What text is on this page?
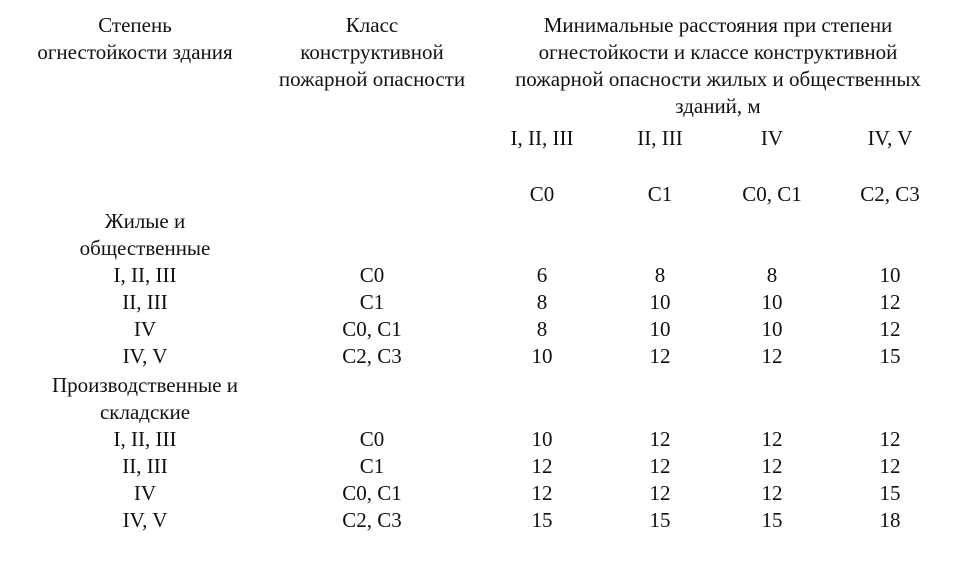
Степень
огнестойкости здания
Класс
конструктивной
пожарной опасности
Минимальные расстояния при степени
огнестойкости и классе конструктивной
пожарной опасности жилых и общественных
зданий, м
I, II, III	II, III	IV	IV, V
С0	С1	С0, С1	С2, С3
Жилые и
общественные
I, II, III	С0	6	8	8	10
II, III	С1	8	10	10	12
IV	С0, С1	8	10	10	12
IV, V	С2, С3	10	12	12	15
Производственные и
складские
I, II, III	С0	10	12	12	12
II, III	С1	12	12	12	12
IV	С0, С1	12	12	12	15
IV, V	С2, С3	15	15	15	18
